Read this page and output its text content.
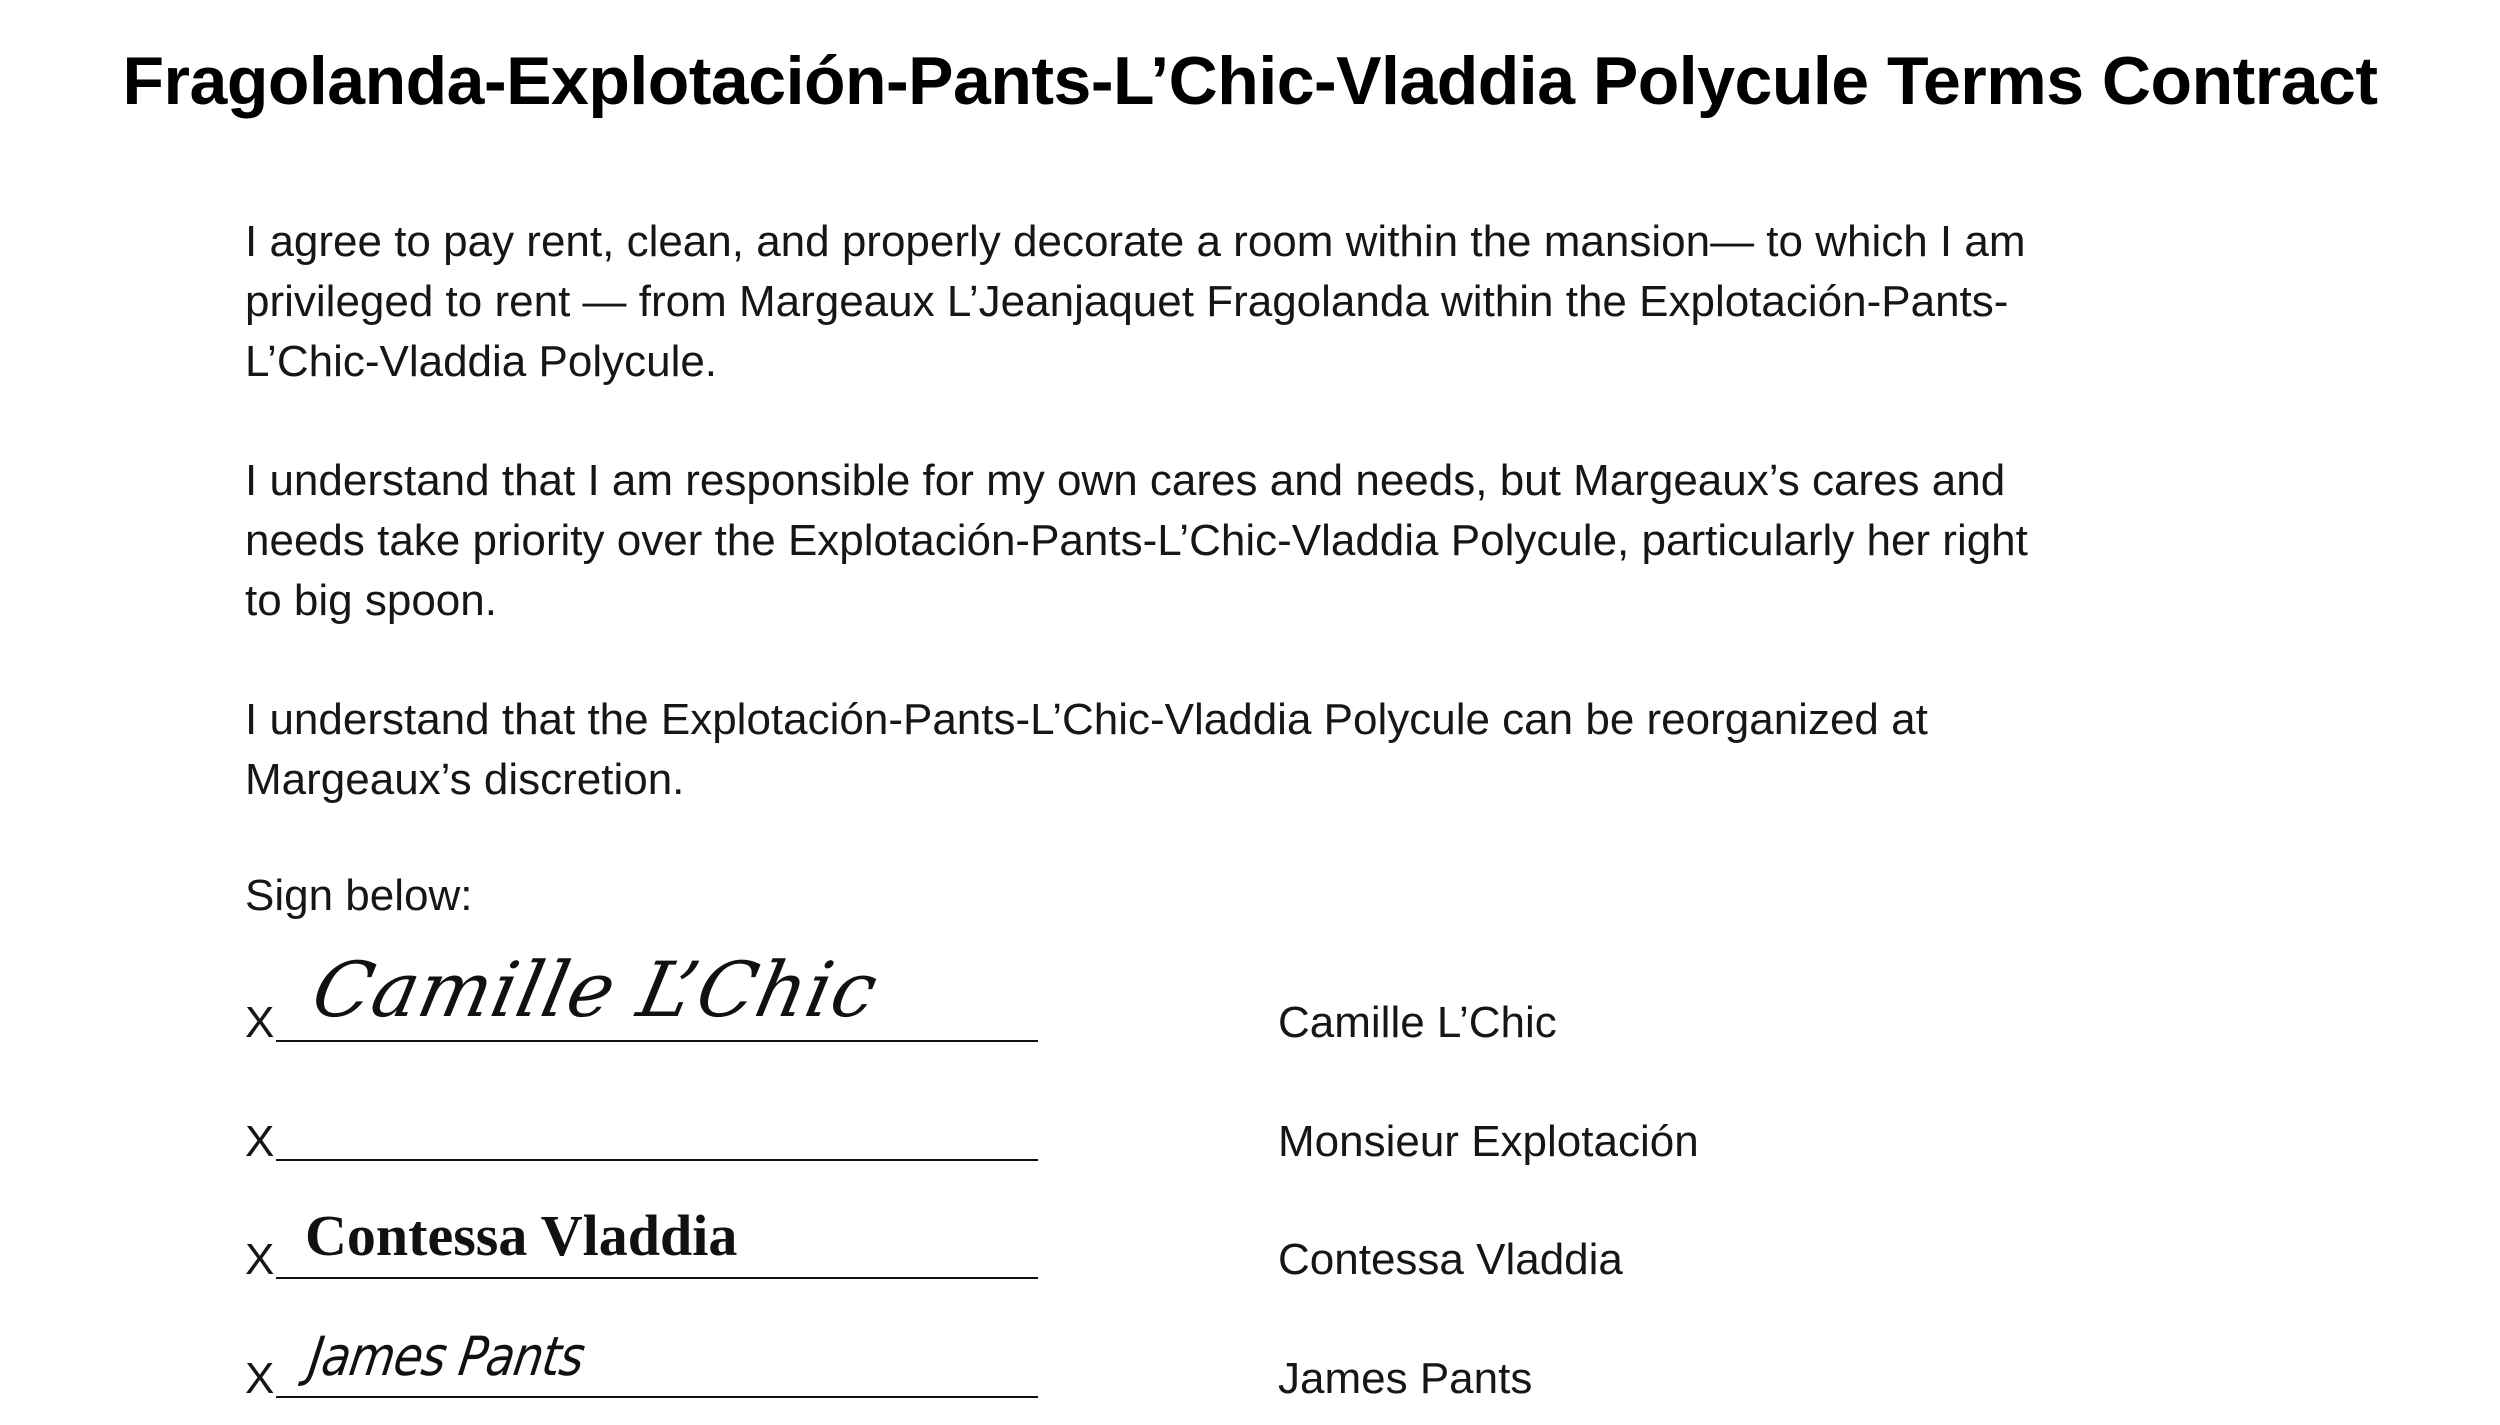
Fragolanda-Explotación-Pants-L’Chic-Vladdia Polycule Terms Contract

I agree to pay rent, clean, and properly decorate a room within the mansion— to which I am
privileged to rent — from Margeaux L’Jeanjaquet Fragolanda within the Explotación-Pants-
L’Chic-Vladdia Polycule.

I understand that I am responsible for my own cares and needs, but Margeaux’s cares and
needs take priority over the Explotación-Pants-L’Chic-Vladdia Polycule, particularly her right
to big spoon.

I understand that the Explotación-Pants-L’Chic-Vladdia Polycule can be reorganized at
Margeaux’s discretion.

Sign below:
X Camille L’Chic	Camille L’Chic
X	Monsieur Explotación
X Contessa Vladdia	Contessa Vladdia
X James Pants	James Pants
